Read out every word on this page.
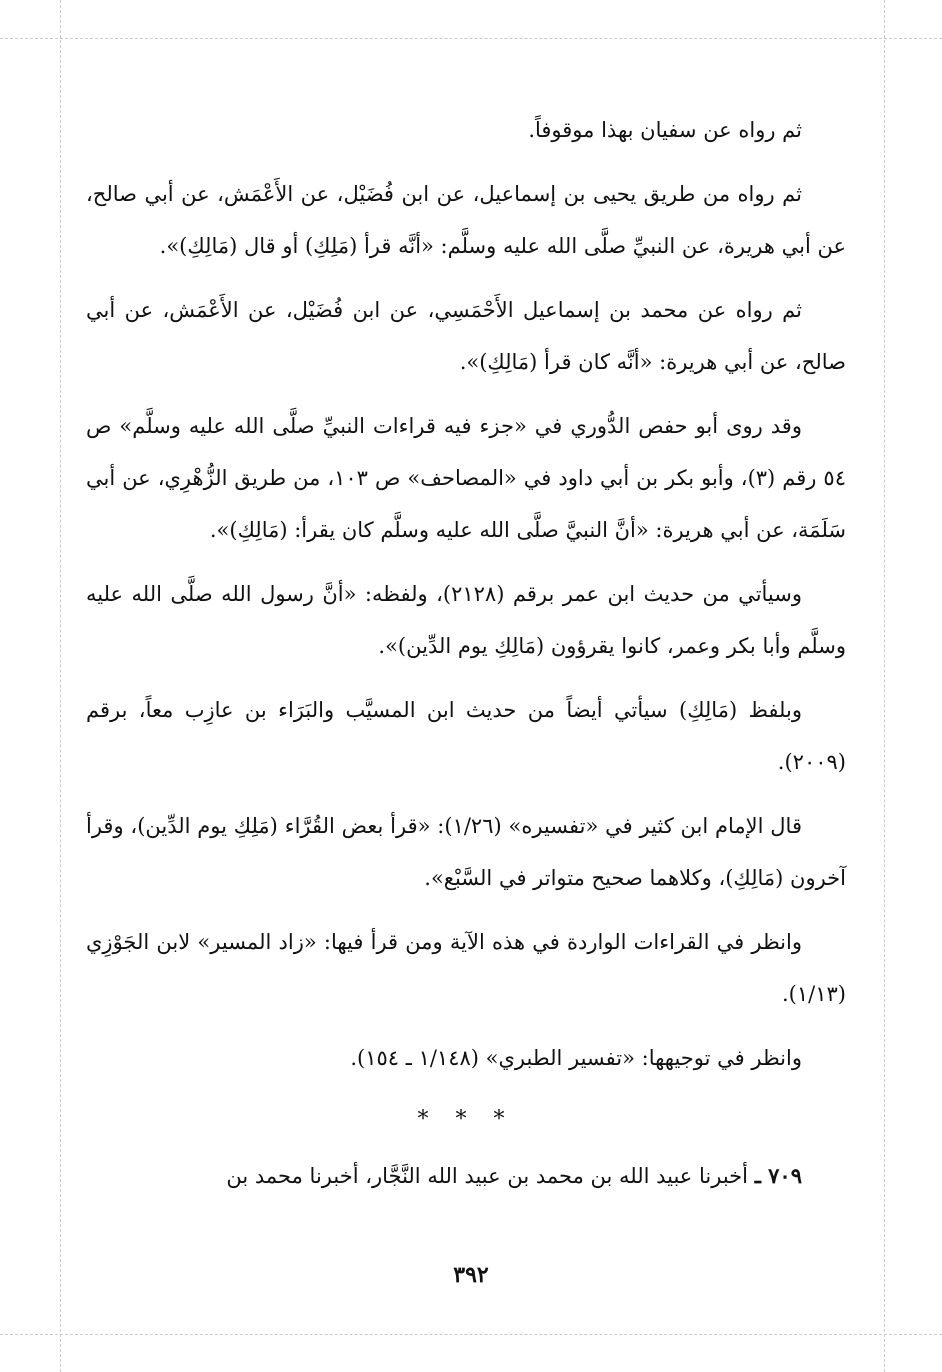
ثم رواه عن سفيان بهذا موقوفاً.

ثم رواه من طريق يحيى بن إسماعيل، عن ابن فُضَيْل، عن الأَعْمَش، عن أبي صالح، عن أبي هريرة، عن النبيِّ صلَّى الله عليه وسلَّم: «أنَّه قرأ (مَلِكِ) أو قال (مَالِكِ)».

ثم رواه عن محمد بن إسماعيل الأَحْمَسِي، عن ابن فُضَيْل، عن الأَعْمَش، عن أبي صالح، عن أبي هريرة: «أنَّه كان قرأ (مَالِكِ)».

وقد روى أبو حفص الدُّوري في «جزء فيه قراءات النبيِّ صلَّى الله عليه وسلَّم» ص ٥٤ رقم (٣)، وأبو بكر بن أبي داود في «المصاحف» ص ١٠٣، من طريق الزُّهْرِي، عن أبي سَلَمَة، عن أبي هريرة: «أنَّ النبيَّ صلَّى الله عليه وسلَّم كان يقرأ: (مَالِكِ)».

وسيأتي من حديث ابن عمر برقم (٢١٢٨)، ولفظه: «أنَّ رسول الله صلَّى الله عليه وسلَّم وأبا بكر وعمر، كانوا يقرؤون (مَالِكِ يوم الدِّين)».

وبلفظ (مَالِكِ) سيأتي أيضاً من حديث ابن المسيَّب والبَرَاء بن عازِب معاً، برقم (٢٠٠٩).

قال الإمام ابن كثير في «تفسيره» (١/٢٦): «قرأ بعض القُرَّاء (مَلِكِ يوم الدِّين)، وقرأ آخرون (مَالِكِ)، وكلاهما صحيح متواتر في السَّبْع».

وانظر في القراءات الواردة في هذه الآية ومن قرأ فيها: «زاد المسير» لابن الجَوْزِي (١/١٣).

وانظر في توجيهها: «تفسير الطبري» (١/١٤٨ ـ ١٥٤).

* * *

٧٠٩ ـ أخبرنا عبيد الله بن محمد بن عبيد الله النَّجَّار، أخبرنا محمد بن

٣٩٢
